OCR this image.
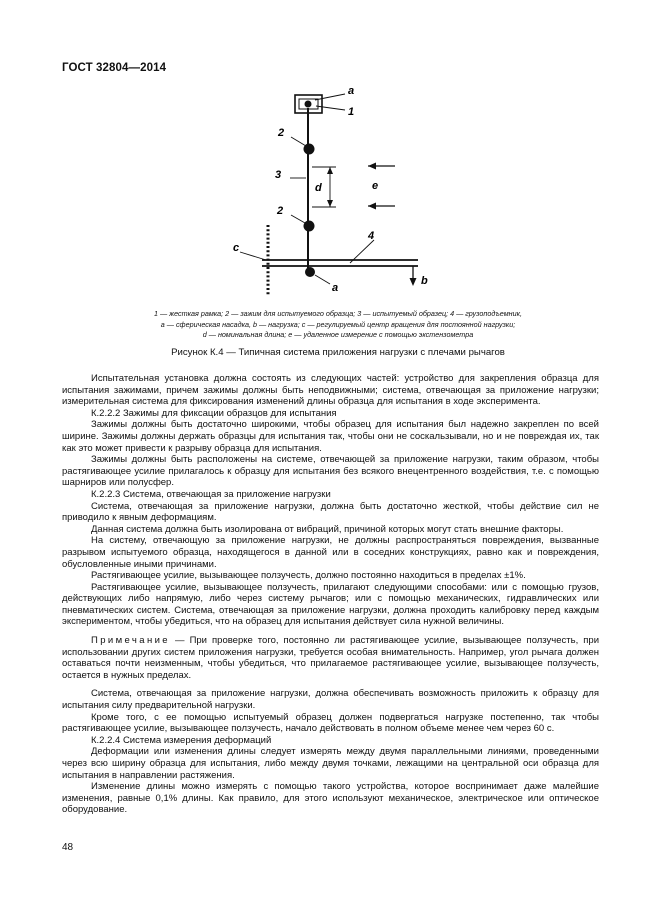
ГОСТ 32804—2014
a
1
2
3
d	e
2
c
4
b
a
1 — жесткая рамка; 2 — зажим для испытуемого образца; 3 — испытуемый образец; 4 — грузоподъемник,
a — сферическая насадка, b — нагрузка; c — регулируемый центр вращения для постоянной нагрузки;
d — номинальная длина; e — удаленное измерение с помощью экстензометра
Рисунок К.4 — Типичная система приложения нагрузки с плечами рычагов

Испытательная установка должна состоять из следующих частей: устройство для закрепления образца для испытания зажимами, причем зажимы должны быть неподвижными; система, отвечающая за приложение нагрузки; измерительная система для фиксирования изменений длины образца для испытания в ходе эксперимента.

К.2.2.2 Зажимы для фиксации образцов для испытания

Зажимы должны быть достаточно широкими, чтобы образец для испытания был надежно закреплен по всей ширине. Зажимы должны держать образцы для испытания так, чтобы они не соскальзывали, но и не повреждая их, так как это может привести к разрыву образца для испытания.

Зажимы должны быть расположены на системе, отвечающей за приложение нагрузки, таким образом, чтобы растягивающее усилие прилагалось к образцу для испытания без всякого внецентренного воздействия, т.е. с помощью шарниров или полусфер.

К.2.2.3 Система, отвечающая за приложение нагрузки

Система, отвечающая за приложение нагрузки, должна быть достаточно жесткой, чтобы действие сил не приводило к явным деформациям.

Данная система должна быть изолирована от вибраций, причиной которых могут стать внешние факторы.

На систему, отвечающую за приложение нагрузки, не должны распространяться повреждения, вызванные разрывом испытуемого образца, находящегося в данной или в соседних конструкциях, равно как и повреждения, обусловленные иными причинами.

Растягивающее усилие, вызывающее ползучесть, должно постоянно находиться в пределах ±1%.

Растягивающее усилие, вызывающее ползучесть, прилагают следующими способами: или с помощью грузов, действующих либо напрямую, либо через систему рычагов; или с помощью механических, гидравлических или пневматических систем. Система, отвечающая за приложение нагрузки, должна проходить калибровку перед каждым экспериментом, чтобы убедиться, что на образец для испытания действует сила нужной величины.

Примечание — При проверке того, постоянно ли растягивающее усилие, вызывающее ползучесть, при использовании других систем приложения нагрузки, требуется особая внимательность. Например, угол рычага должен оставаться почти неизменным, чтобы убедиться, что прилагаемое растягивающее усилие, вызывающее ползучесть, остается в нужных пределах.

Система, отвечающая за приложение нагрузки, должна обеспечивать возможность приложить к образцу для испытания силу предварительной нагрузки.

Кроме того, с ее помощью испытуемый образец должен подвергаться нагрузке постепенно, так чтобы растягивающее усилие, вызывающее ползучесть, начало действовать в полном объеме менее чем через 60 с.

К.2.2.4 Система измерения деформаций

Деформации или изменения длины следует измерять между двумя параллельными линиями, проведенными через всю ширину образца для испытания, либо между двумя точками, лежащими на центральной оси образца для испытания в направлении растяжения.

Изменение длины можно измерять с помощью такого устройства, которое воспринимает даже малейшие изменения, равные 0,1% длины. Как правило, для этого используют механическое, электрическое или оптическое оборудование.

48
